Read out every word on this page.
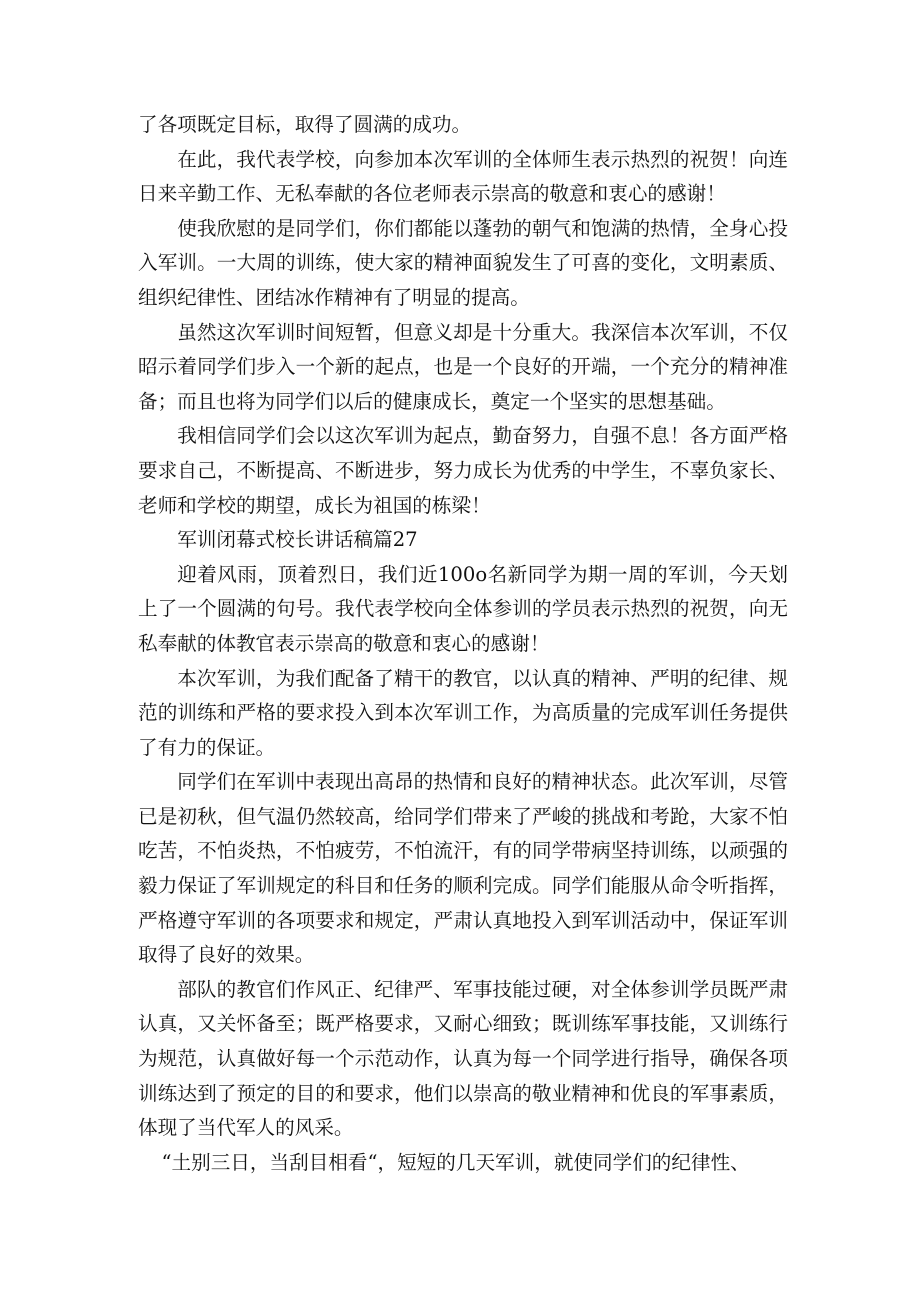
了各项既定目标，取得了圆满的成功。

在此，我代表学校，向参加本次军训的全体师生表示热烈的祝贺！向连日来辛勤工作、无私奉献的各位老师表示崇高的敬意和衷心的感谢！

使我欣慰的是同学们，你们都能以蓬勃的朝气和饱满的热情，全身心投入军训。一大周的训练，使大家的精神面貌发生了可喜的变化，文明素质、组织纪律性、团结冰作精神有了明显的提高。

虽然这次军训时间短暂，但意义却是十分重大。我深信本次军训，不仅昭示着同学们步入一个新的起点，也是一个良好的开端，一个充分的精神准备；而且也将为同学们以后的健康成长，奠定一个坚实的思想基础。

我相信同学们会以这次军训为起点，勤奋努力，自强不息！各方面严格要求自己，不断提高、不断进步，努力成长为优秀的中学生，不辜负家长、老师和学校的期望，成长为祖国的栋梁！

军训闭幕式校长讲话稿篇27

迎着风雨，顶着烈日，我们近100o名新同学为期一周的军训，今天划上了一个圆满的句号。我代表学校向全体参训的学员表示热烈的祝贺，向无私奉献的体教官表示崇高的敬意和衷心的感谢！

本次军训，为我们配备了精干的教官，以认真的精神、严明的纪律、规范的训练和严格的要求投入到本次军训工作，为高质量的完成军训任务提供了有力的保证。

同学们在军训中表现出高昂的热情和良好的精神状态。此次军训，尽管已是初秋，但气温仍然较高，给同学们带来了严峻的挑战和考跄，大家不怕吃苦，不怕炎热，不怕疲劳，不怕流汗，有的同学带病坚持训练，以顽强的毅力保证了军训规定的科目和任务的顺利完成。同学们能服从命令听指挥，严格遵守军训的各项要求和规定，严肃认真地投入到军训活动中，保证军训取得了良好的效果。

部队的教官们作风正、纪律严、军事技能过硬，对全体参训学员既严肃认真，又关怀备至；既严格要求，又耐心细致；既训练军事技能，又训练行为规范，认真做好每一个示范动作，认真为每一个同学进行指导，确保各项训练达到了预定的目的和要求，他们以崇高的敬业精神和优良的军事素质，体现了当代军人的风采。

“土别三日，当刮目相看“，短短的几天军训，就使同学们的纪律性、
